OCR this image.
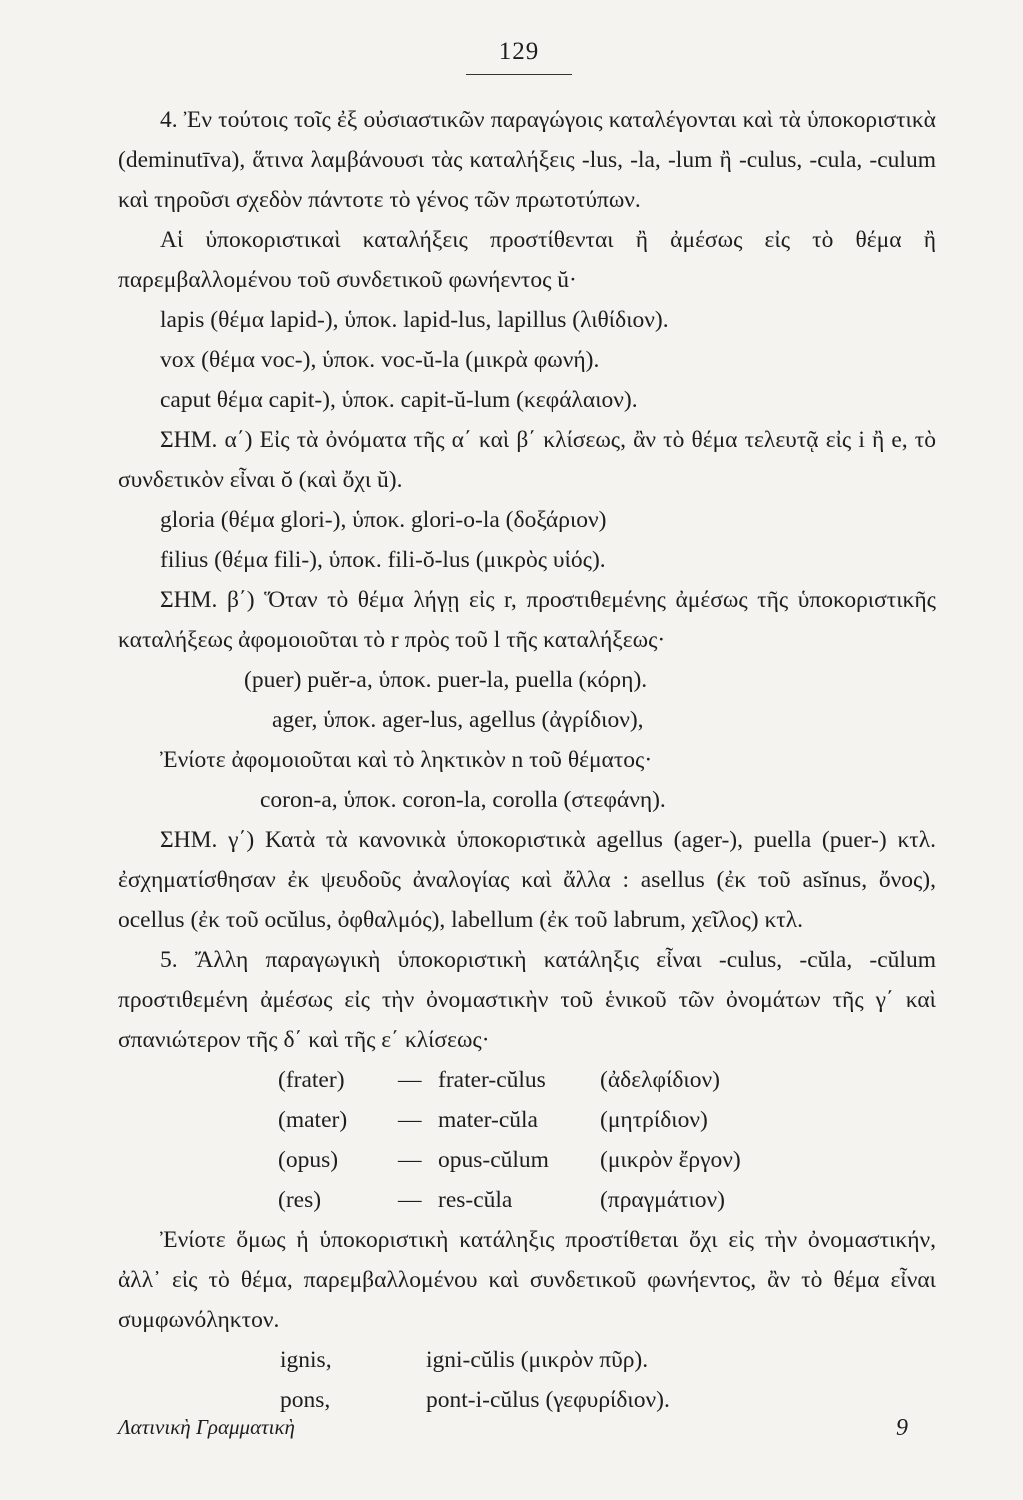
129

4. Ἐν τούτοις τοῖς ἐξ οὐσιαστικῶν παραγώγοις καταλέγονται καὶ τὰ ὑποκοριστικὰ (deminutīva), ἅτινα λαμβάνουσι τὰς καταλήξεις -lus, -la, -lum ἢ -culus, -cula, -culum καὶ τηροῦσι σχεδὸν πάντοτε τὸ γένος τῶν πρωτοτύπων.

Αἱ ὑποκοριστικαὶ καταλήξεις προστίθενται ἢ ἀμέσως εἰς τὸ θέμα ἢ παρεμβαλλομένου τοῦ συνδετικοῦ φωνήεντος ŭ·

lapis (θέμα lapid-), ὑποκ. lapid-lus, lapillus (λιθίδιον).

vox (θέμα voc-), ὑποκ. voc-ŭ-la (μικρὰ φωνή).

caput θέμα capit-), ὑποκ. capit-ŭ-lum (κεφάλαιον).

ΣΗΜ. α΄) Εἰς τὰ ὀνόματα τῆς α΄ καὶ β΄ κλίσεως, ἂν τὸ θέμα τελευτᾷ εἰς i ἢ e, τὸ συνδετικὸν εἶναι ŏ (καὶ ὄχι ŭ).

gloria (θέμα glori-), ὑποκ. glori-o-la (δοξάριον)

filius (θέμα fili-), ὑποκ. fili-ŏ-lus (μικρὸς υἱός).

ΣΗΜ. β΄) Ὅταν τὸ θέμα λήγῃ εἰς r, προστιθεμένης ἀμέσως τῆς ὑποκοριστικῆς καταλήξεως ἀφομοιοῦται τὸ r πρὸς τοῦ l τῆς καταλήξεως·

(puer) puĕr-a, ὑποκ. puer-la, puella (κόρη).

ager, ὑποκ. ager-lus, agellus (ἀγρίδιον),

Ἐνίοτε ἀφομοιοῦται καὶ τὸ ληκτικὸν n τοῦ θέματος·

coron-a, ὑποκ. coron-la, corolla (στεφάνη).

ΣΗΜ. γ΄) Κατὰ τὰ κανονικὰ ὑποκοριστικὰ agellus (ager-), puella (puer-) κτλ. ἐσχηματίσθησαν ἐκ ψευδοῦς ἀναλογίας καὶ ἄλλα : asellus (ἐκ τοῦ asĭnus, ὄνος), ocellus (ἐκ τοῦ ocŭlus, ὀφθαλμός), labellum (ἐκ τοῦ labrum, χεῖλος) κτλ.

5. Ἄλλη παραγωγικὴ ὑποκοριστικὴ κατάληξις εἶναι -culus, -cŭla, -cŭlum προστιθεμένη ἀμέσως εἰς τὴν ὀνομαστικὴν τοῦ ἑνικοῦ τῶν ὀνομάτων τῆς γ΄ καὶ σπανιώτερον τῆς δ΄ καὶ τῆς ε΄ κλίσεως·

(frater)	—	frater-cŭlus	(ἀδελφίδιον)
(mater)	—	mater-cŭla	(μητρίδιον)
(opus)	—	opus-cŭlum	(μικρὸν ἔργον)
(res)	—	res-cŭla	(πραγμάτιον)

Ἐνίοτε ὅμως ἡ ὑποκοριστικὴ κατάληξις προστίθεται ὄχι εἰς τὴν ὀνομαστικήν, ἀλλ᾽ εἰς τὸ θέμα, παρεμβαλλομένου καὶ συνδετικοῦ φωνήεντος, ἂν τὸ θέμα εἶναι συμφωνόληκτον.

ignis,	igni-cŭlis (μικρὸν πῦρ).
pons,	pont-i-cŭlus (γεφυρίδιον).
Λατινικὴ Γραμματικὴ	9
